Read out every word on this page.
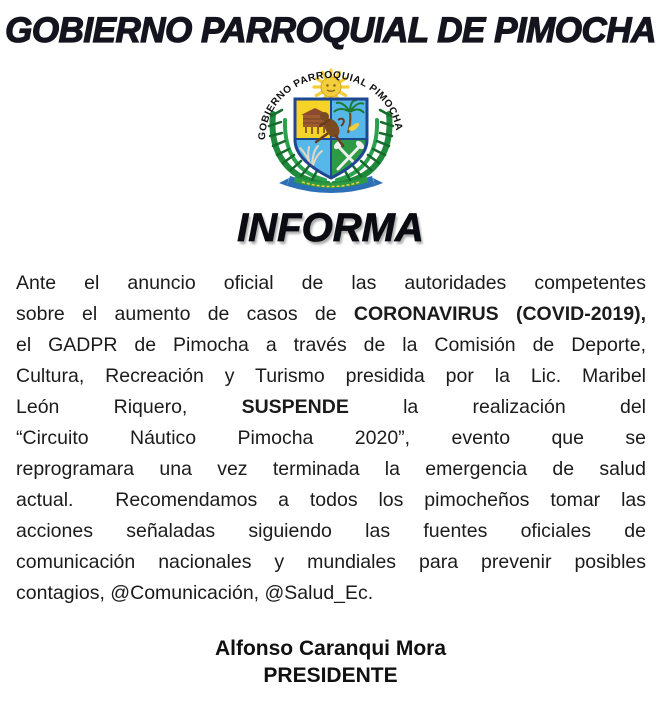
GOBIERNO PARROQUIAL DE PIMOCHA
GOBIERNO PARROQUIAL PIMOCHA
INFORMA
Ante el anuncio oficial de las autoridades competentes
sobre el aumento de casos de CORONAVIRUS (COVID-2019),
el GADPR de Pimocha a través de la Comisión de Deporte,
Cultura, Recreación y Turismo presidida por la Lic. Maribel
León Riquero, SUSPENDE la realización del
“Circuito Náutico Pimocha 2020”, evento que se
reprogramara una vez terminada la emergencia de salud
actual.  Recomendamos a todos los pimocheños tomar las
acciones señaladas siguiendo las fuentes oficiales de
comunicación nacionales y mundiales para prevenir posibles
contagios, @Comunicación, @Salud_Ec.
Alfonso Caranqui Mora
PRESIDENTE
